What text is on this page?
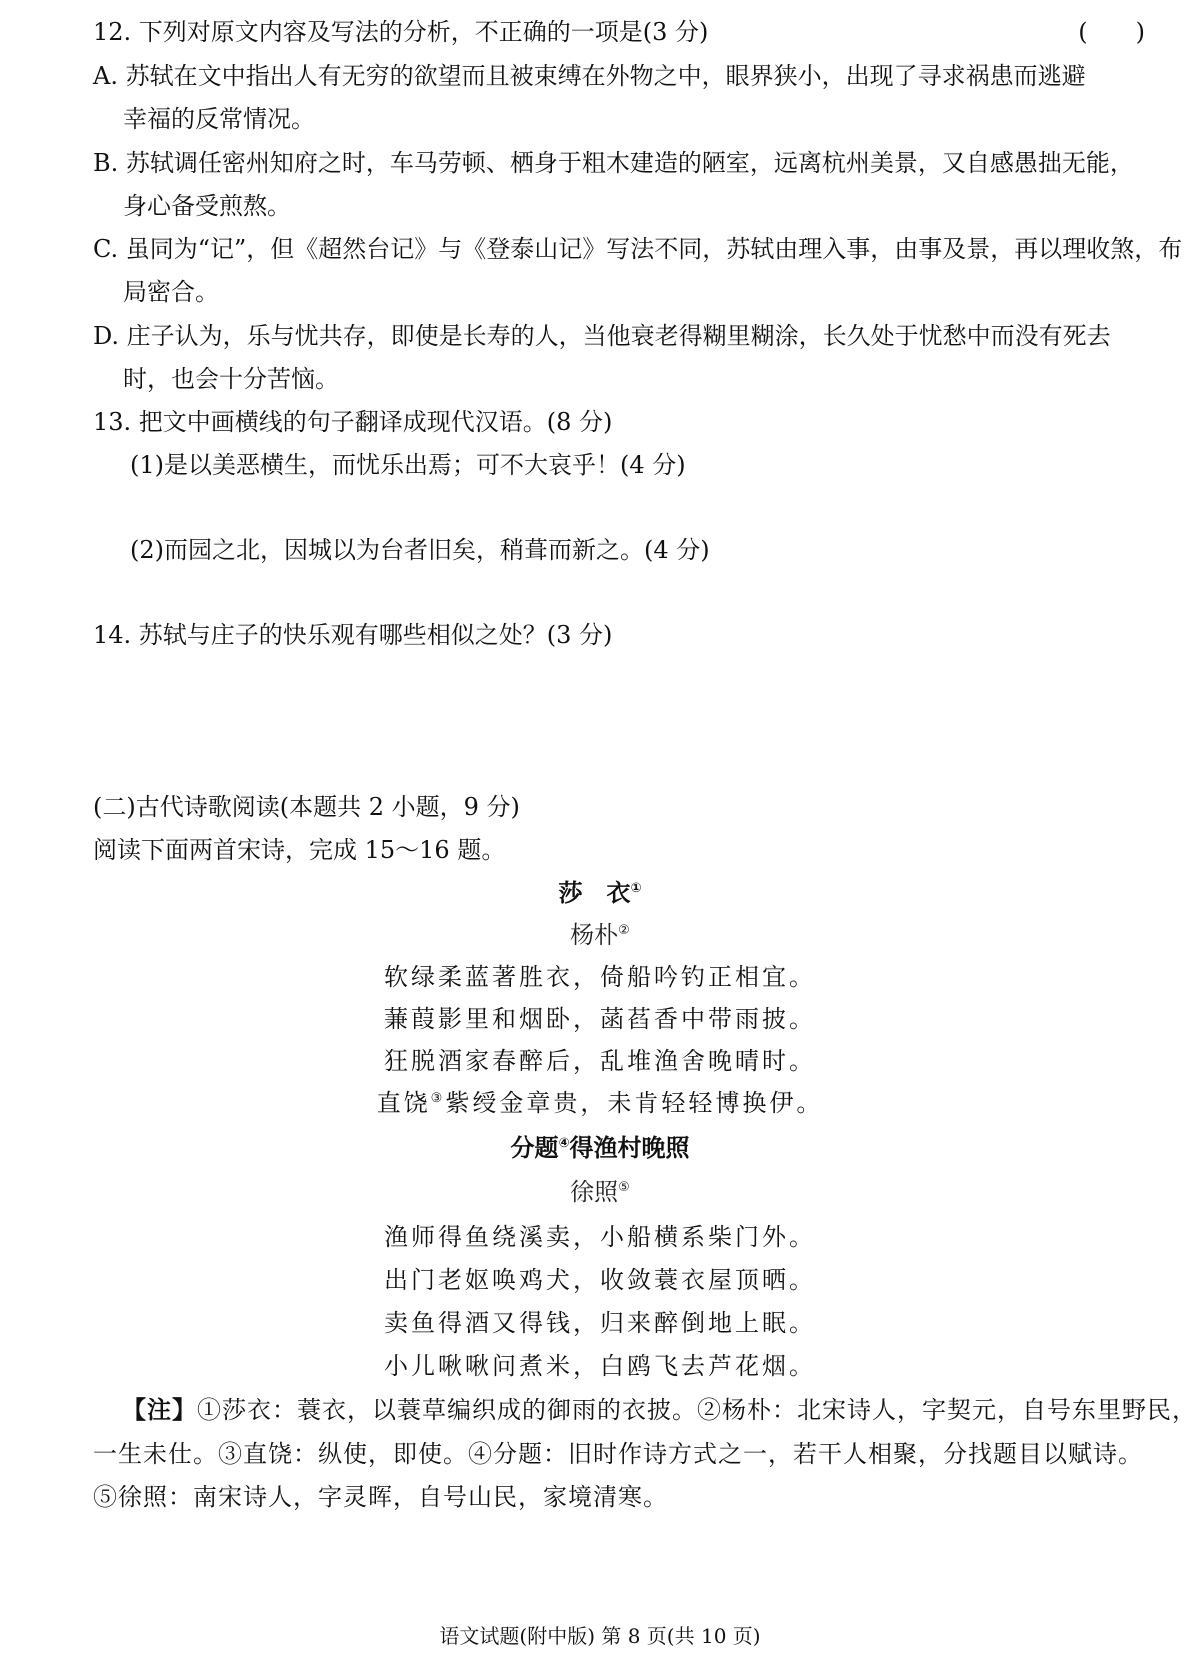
12. 下列对原文内容及写法的分析，不正确的一项是(3 分)	(　　)
A. 苏轼在文中指出人有无穷的欲望而且被束缚在外物之中，眼界狭小，出现了寻求祸患而逃避
幸福的反常情况。
B. 苏轼调任密州知府之时，车马劳顿、栖身于粗木建造的陋室，远离杭州美景，又自感愚拙无能，
身心备受煎熬。
C. 虽同为“记”，但《超然台记》与《登泰山记》写法不同，苏轼由理入事，由事及景，再以理收煞，布
局密合。
D. 庄子认为，乐与忧共存，即使是长寿的人，当他衰老得糊里糊涂，长久处于忧愁中而没有死去
时，也会十分苦恼。
13. 把文中画横线的句子翻译成现代汉语。(8 分)
(1)是以美恶横生，而忧乐出焉；可不大哀乎！(4 分)
(2)而园之北，因城以为台者旧矣，稍葺而新之。(4 分)
14. 苏轼与庄子的快乐观有哪些相似之处？(3 分)
(二)古代诗歌阅读(本题共 2 小题，9 分)
阅读下面两首宋诗，完成 15～16 题。
莎　衣①
杨朴②
软绿柔蓝著胜衣，倚船吟钓正相宜。
蒹葭影里和烟卧，菡萏香中带雨披。
狂脱酒家春醉后，乱堆渔舍晚晴时。
直饶③紫绶金章贵，未肯轻轻博换伊。
分题④得渔村晚照
徐照⑤
渔师得鱼绕溪卖，小船横系柴门外。
出门老妪唤鸡犬，收敛蓑衣屋顶晒。
卖鱼得酒又得钱，归来醉倒地上眠。
小儿啾啾问煮米，白鸥飞去芦花烟。
【注】①莎衣：蓑衣，以蓑草编织成的御雨的衣披。②杨朴：北宋诗人，字契元，自号东里野民，
一生未仕。③直饶：纵使，即使。④分题：旧时作诗方式之一，若干人相聚，分找题目以赋诗。
⑤徐照：南宋诗人，字灵晖，自号山民，家境清寒。
语文试题(附中版) 第 8 页(共 10 页)
